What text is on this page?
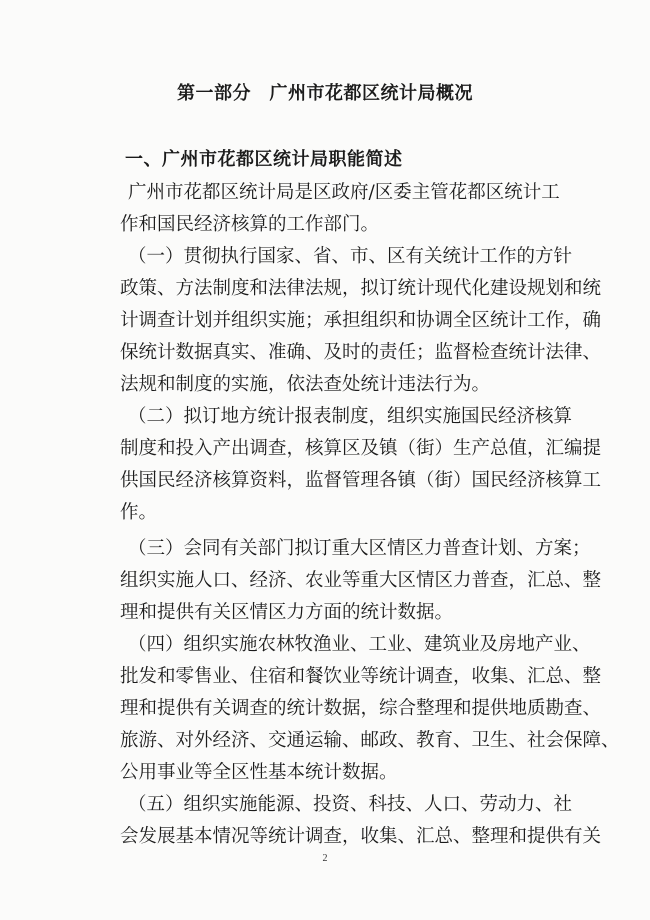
第一部分　广州市花都区统计局概况
一、广州市花都区统计局职能简述
广州市花都区统计局是区政府/区委主管花都区统计工
作和国民经济核算的工作部门。
（一）贯彻执行国家、省、市、区有关统计工作的方针
政策、方法制度和法律法规，拟订统计现代化建设规划和统
计调查计划并组织实施；承担组织和协调全区统计工作，确
保统计数据真实、准确、及时的责任；监督检查统计法律、
法规和制度的实施，依法查处统计违法行为。
（二）拟订地方统计报表制度，组织实施国民经济核算
制度和投入产出调查，核算区及镇（街）生产总值，汇编提
供国民经济核算资料，监督管理各镇（街）国民经济核算工
作。
（三）会同有关部门拟订重大区情区力普查计划、方案；
组织实施人口、经济、农业等重大区情区力普查，汇总、整
理和提供有关区情区力方面的统计数据。
（四）组织实施农林牧渔业、工业、建筑业及房地产业、
批发和零售业、住宿和餐饮业等统计调查，收集、汇总、整
理和提供有关调查的统计数据，综合整理和提供地质勘查、
旅游、对外经济、交通运输、邮政、教育、卫生、社会保障、
公用事业等全区性基本统计数据。
（五）组织实施能源、投资、科技、人口、劳动力、社
会发展基本情况等统计调查，收集、汇总、整理和提供有关
2
